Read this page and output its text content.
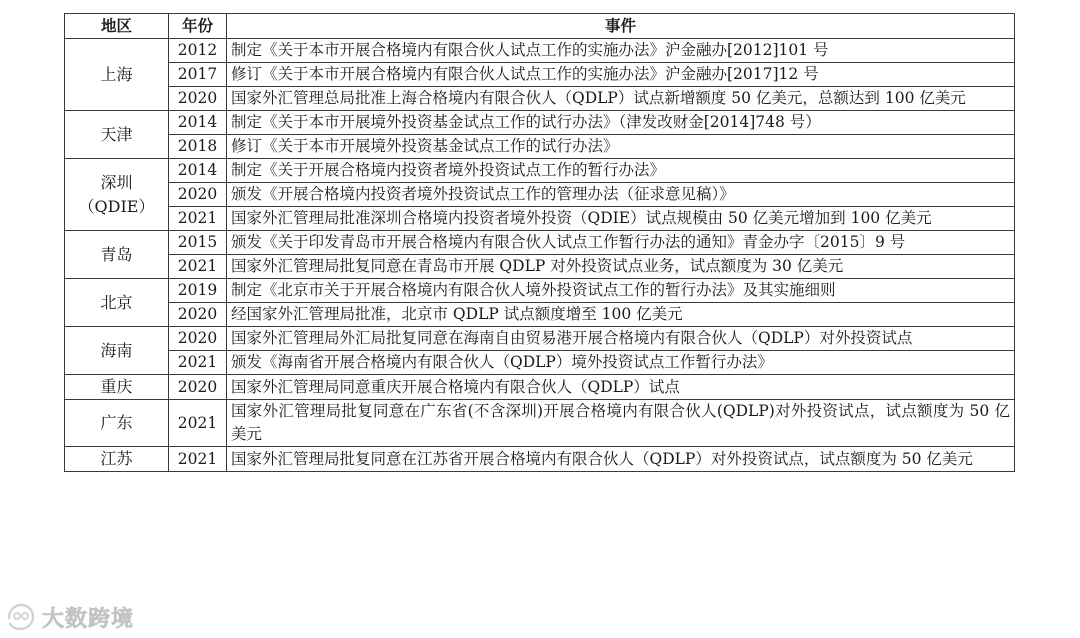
地区	年份	事件

上海	2012	制定《关于本市开展合格境内有限合伙人试点工作的实施办法》沪金融办[2012]101 号
	2017	修订《关于本市开展合格境内有限合伙人试点工作的实施办法》沪金融办[2017]12 号
	2020	国家外汇管理总局批准上海合格境内有限合伙人（QDLP）试点新增额度 50 亿美元，总额达到 100 亿美元

天津	2014	制定《关于本市开展境外投资基金试点工作的试行办法》（津发改财金[2014]748 号）
	2018	修订《关于本市开展境外投资基金试点工作的试行办法》

深圳
（QDIE）	2014	制定《关于开展合格境内投资者境外投资试点工作的暂行办法》
	2020	颁发《开展合格境内投资者境外投资试点工作的管理办法（征求意见稿）》
	2021	国家外汇管理局批准深圳合格境内投资者境外投资（QDIE）试点规模由 50 亿美元增加到 100 亿美元

青岛	2015	颁发《关于印发青岛市开展合格境内有限合伙人试点工作暂行办法的通知》青金办字〔2015〕9 号
	2021	国家外汇管理局批复同意在青岛市开展 QDLP 对外投资试点业务，试点额度为 30 亿美元

北京	2019	制定《北京市关于开展合格境内有限合伙人境外投资试点工作的暂行办法》及其实施细则
	2020	经国家外汇管理局批准，北京市 QDLP 试点额度增至 100 亿美元

海南	2020	国家外汇管理局外汇局批复同意在海南自由贸易港开展合格境内有限合伙人（QDLP）对外投资试点
	2021	颁发《海南省开展合格境内有限合伙人（QDLP）境外投资试点工作暂行办法》

重庆	2020	国家外汇管理局同意重庆开展合格境内有限合伙人（QDLP）试点

广东	2021	国家外汇管理局批复同意在广东省(不含深圳)开展合格境内有限合伙人(QDLP)对外投资试点，试点额度为 50 亿美元

江苏	2021	国家外汇管理局批复同意在江苏省开展合格境内有限合伙人（QDLP）对外投资试点，试点额度为 50 亿美元
大数跨境
